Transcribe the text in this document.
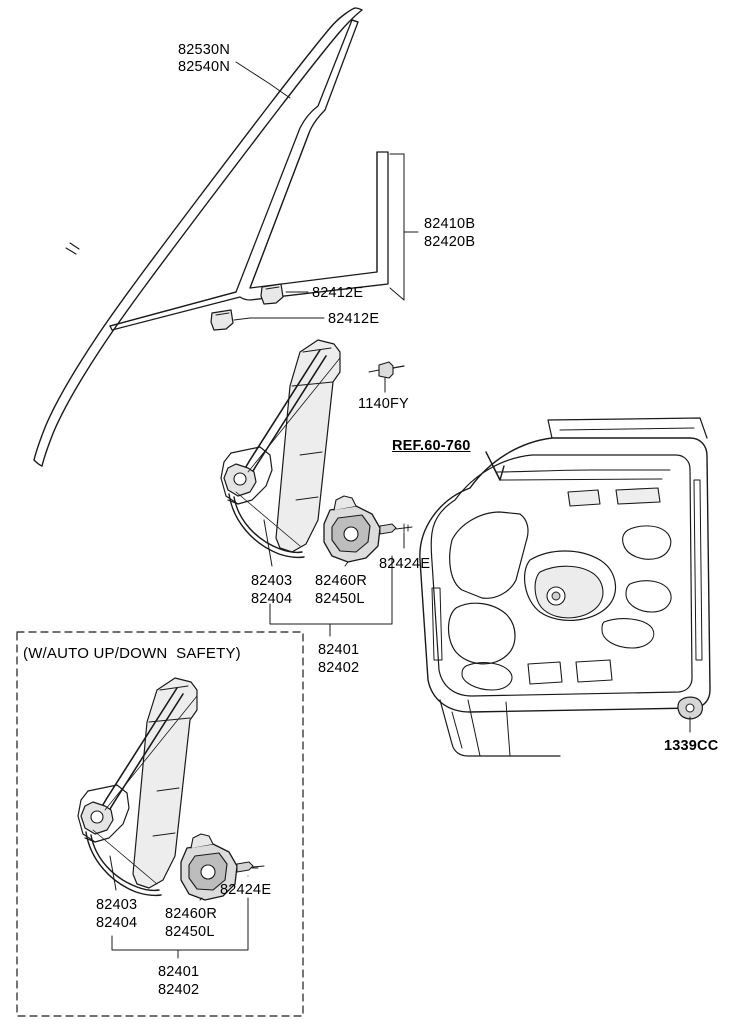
82530N
82540N
82410B
82420B
82412E
82412E
1140FY
REF.60-760
82424E
82403
82404
82460R
82450L
82401
82402
1339CC
(W/AUTO UP/DOWN  SAFETY)
82424E
82403
82404
82460R
82450L
82401
82402
